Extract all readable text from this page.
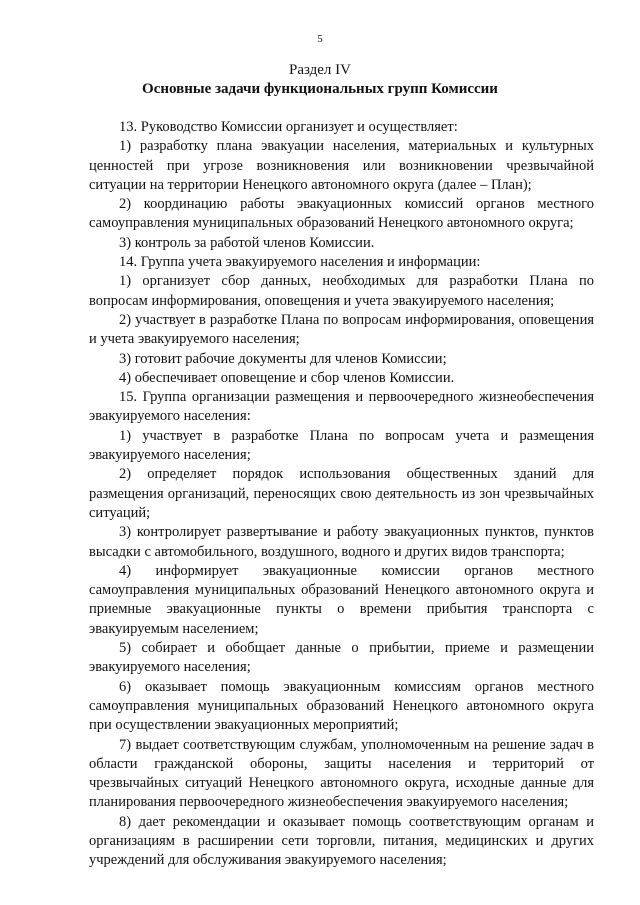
5
Раздел IV
Основные задачи функциональных групп Комиссии

13. Руководство Комиссии организует и осуществляет:

1) разработку плана эвакуации населения, материальных и культурных ценностей при угрозе возникновения или возникновении чрезвычайной ситуации на территории Ненецкого автономного округа (далее – План);

2) координацию работы эвакуационных комиссий органов местного самоуправления муниципальных образований Ненецкого автономного округа;

3) контроль за работой членов Комиссии.

14. Группа учета эвакуируемого населения и информации:

1) организует сбор данных, необходимых для разработки Плана по вопросам информирования, оповещения и учета эвакуируемого населения;

2) участвует в разработке Плана по вопросам информирования, оповещения и учета эвакуируемого населения;

3) готовит рабочие документы для членов Комиссии;

4) обеспечивает оповещение и сбор членов Комиссии.

15. Группа организации размещения и первоочередного жизнеобеспечения эвакуируемого населения:

1) участвует в разработке Плана по вопросам учета и размещения эвакуируемого населения;

2) определяет порядок использования общественных зданий для размещения организаций, переносящих свою деятельность из зон чрезвычайных ситуаций;

3) контролирует развертывание и работу эвакуационных пунктов, пунктов высадки с автомобильного, воздушного, водного и других видов транспорта;

4) информирует эвакуационные комиссии органов местного самоуправления муниципальных образований Ненецкого автономного округа и приемные эвакуационные пункты о времени прибытия транспорта с эвакуируемым населением;

5) собирает и обобщает данные о прибытии, приеме и размещении эвакуируемого населения;

6) оказывает помощь эвакуационным комиссиям органов местного самоуправления муниципальных образований Ненецкого автономного округа при осуществлении эвакуационных мероприятий;

7) выдает соответствующим службам, уполномоченным на решение задач в области гражданской обороны, защиты населения и территорий от чрезвычайных ситуаций Ненецкого автономного округа, исходные данные для планирования первоочередного жизнеобеспечения эвакуируемого населения;

8) дает рекомендации и оказывает помощь соответствующим органам и организациям в расширении сети торговли, питания, медицинских и других учреждений для обслуживания эвакуируемого населения;
